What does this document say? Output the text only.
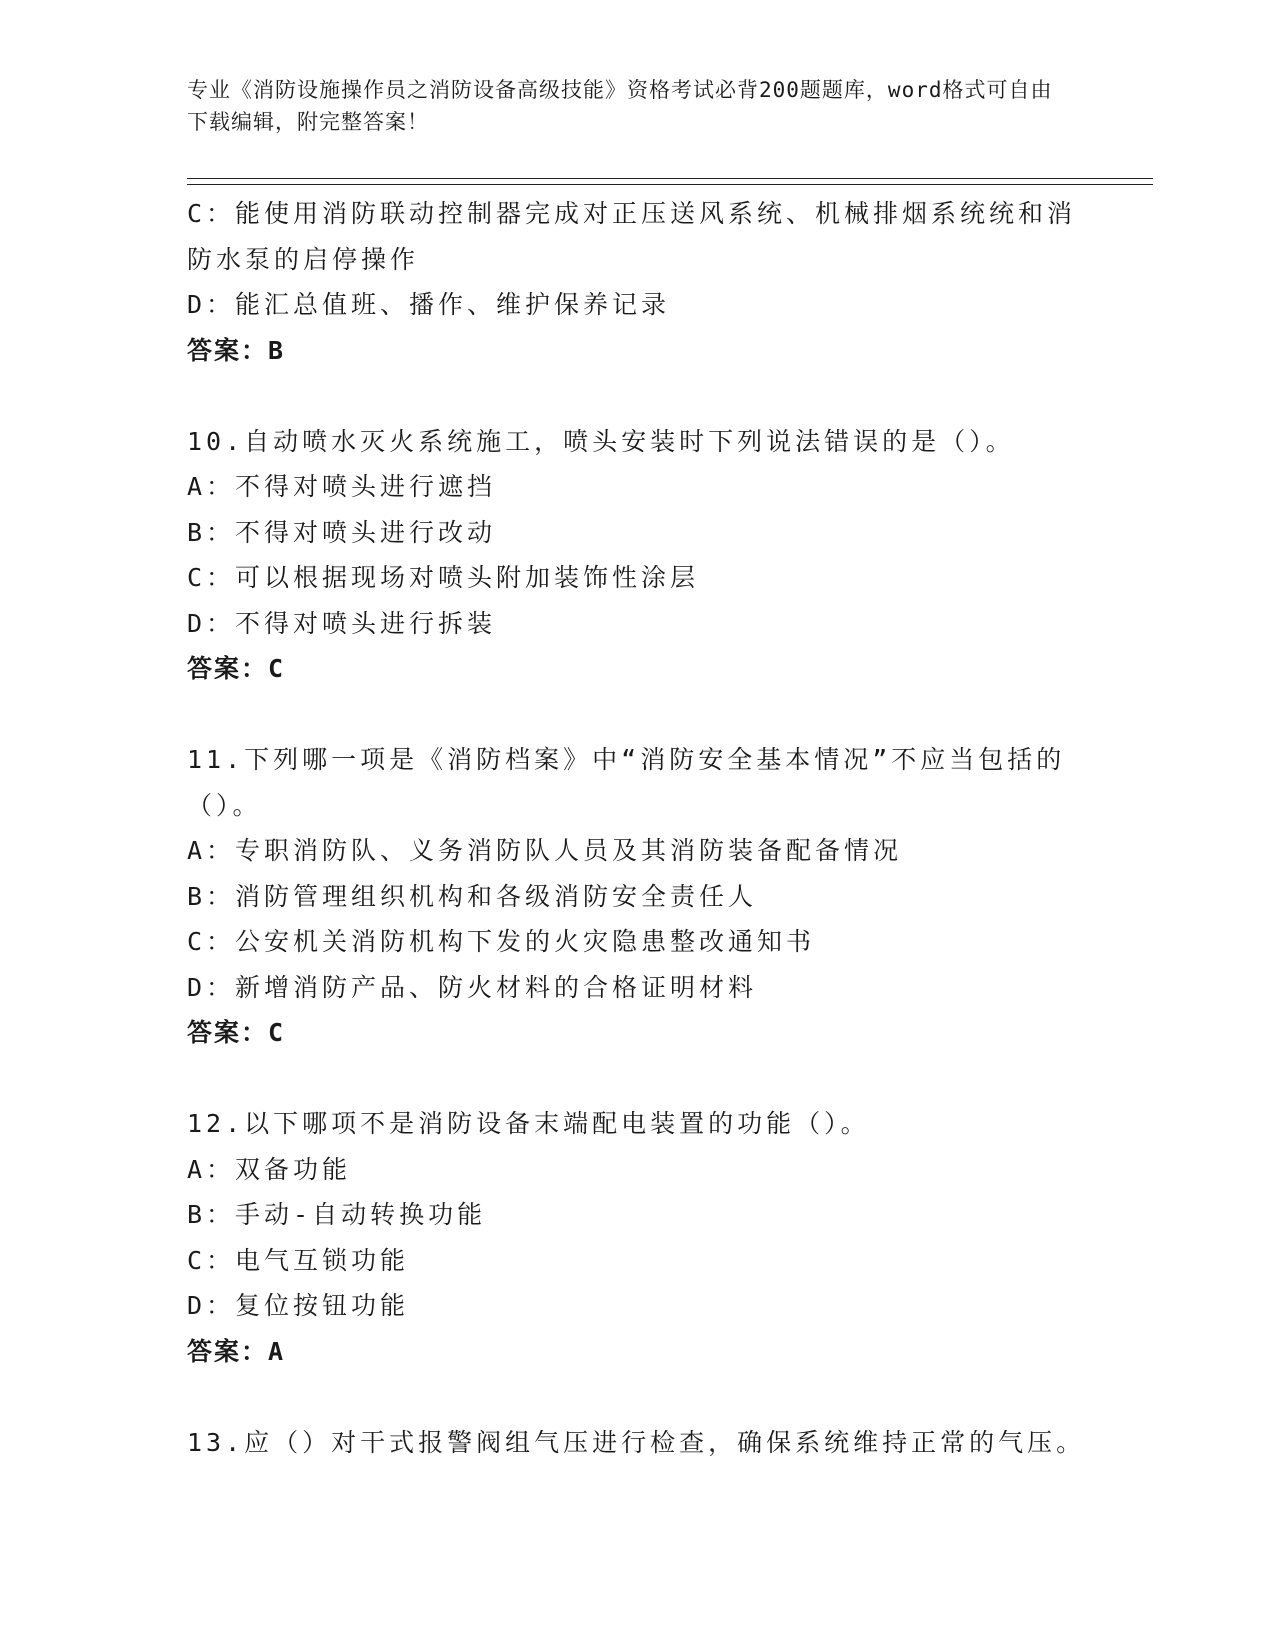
专业《消防设施操作员之消防设备高级技能》资格考试必背200题题库，word格式可自由下载编辑，附完整答案！
C：能使用消防联动控制器完成对正压送风系统、机械排烟系统统和消防水泵的启停操作
D：能汇总值班、播作、维护保养记录
答案：B
10.自动喷水灭火系统施工，喷头安装时下列说法错误的是（）。
A：不得对喷头进行遮挡
B：不得对喷头进行改动
C：可以根据现场对喷头附加装饰性涂层
D：不得对喷头进行拆装
答案：C
11.下列哪一项是《消防档案》中“消防安全基本情况”不应当包括的（）。
A：专职消防队、义务消防队人员及其消防装备配备情况
B：消防管理组织机构和各级消防安全责任人
C：公安机关消防机构下发的火灾隐患整改通知书
D：新增消防产品、防火材料的合格证明材料
答案：C
12.以下哪项不是消防设备末端配电装置的功能（）。
A：双备功能
B：手动-自动转换功能
C：电气互锁功能
D：复位按钮功能
答案：A
13.应（）对干式报警阀组气压进行检查，确保系统维持正常的气压。
